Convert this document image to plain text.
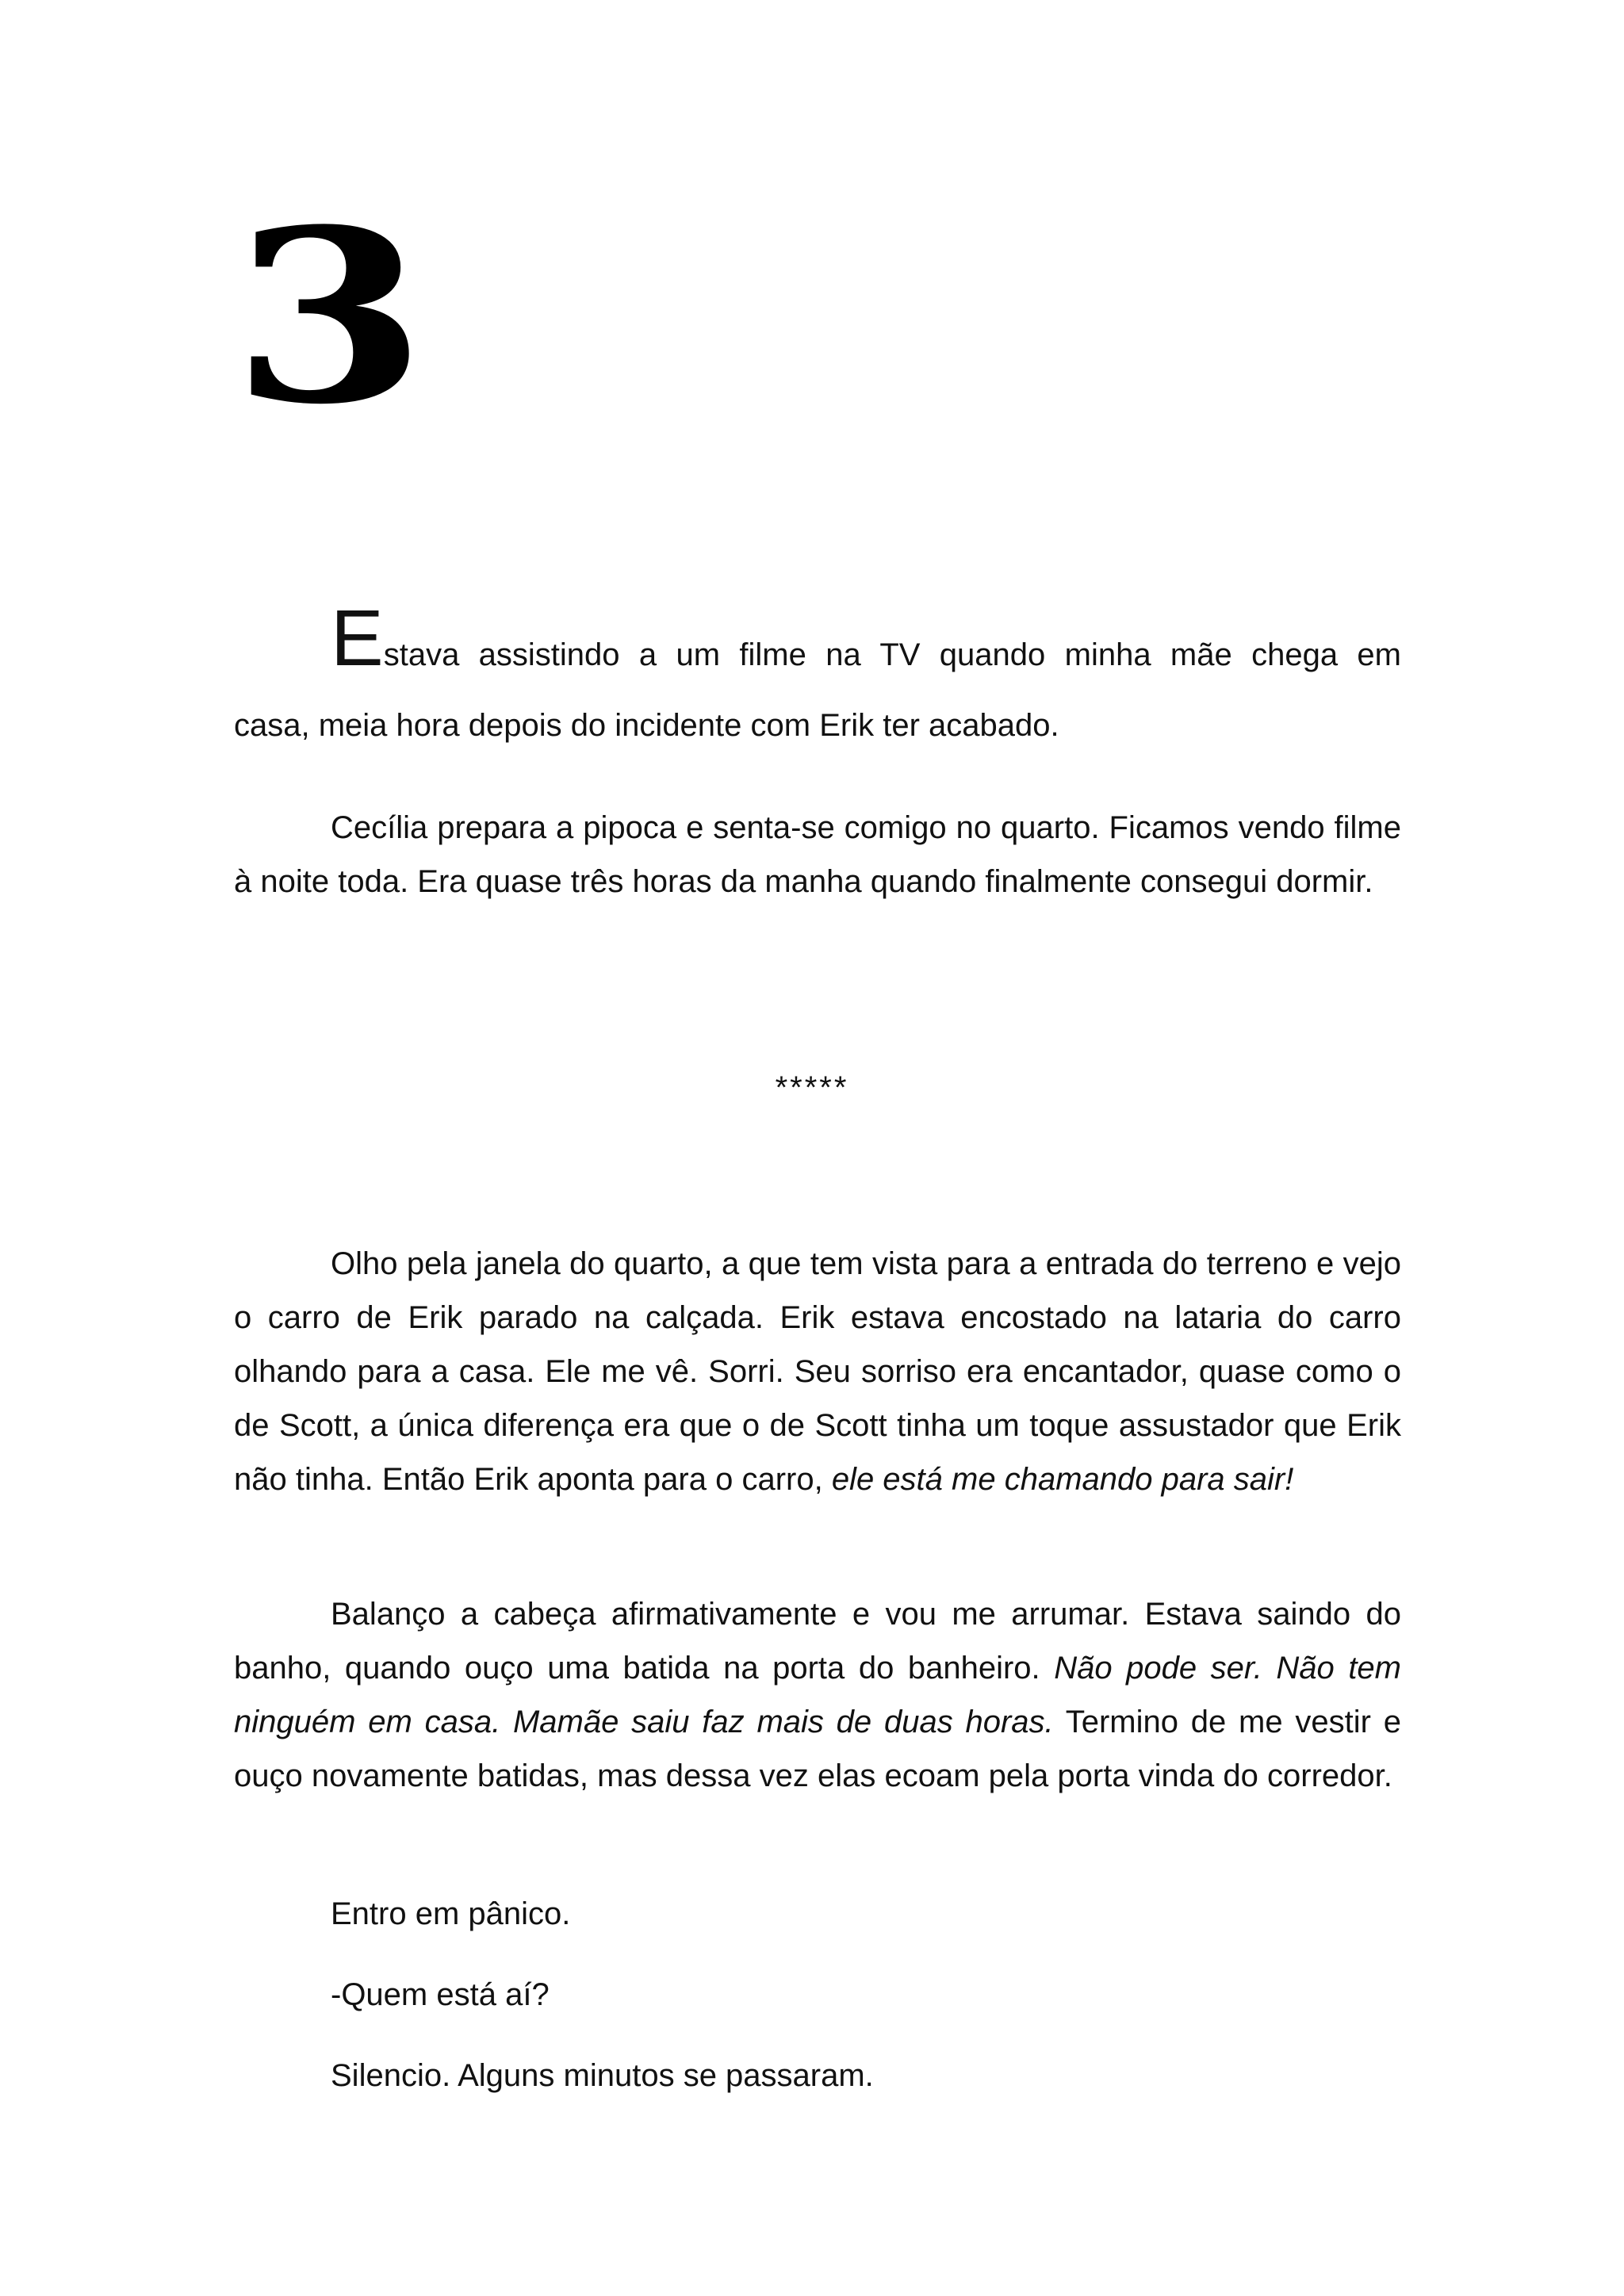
3

Estava assistindo a um filme na TV quando minha mãe chega em

casa, meia hora depois do incidente com Erik ter acabado.

Cecília prepara a pipoca e senta-se comigo no quarto. Ficamos vendo filme à noite toda. Era quase três horas da manha quando finalmente consegui dormir.

*****

Olho pela janela do quarto, a que tem vista para a entrada do terreno e vejo o carro de Erik parado na calçada. Erik estava encostado na lataria do carro olhando para a casa. Ele me vê. Sorri. Seu sorriso era encantador, quase como o de Scott, a única diferença era que o de Scott tinha um toque assustador que Erik não tinha. Então Erik aponta para o carro, ele está me chamando para sair!

Balanço a cabeça afirmativamente e vou me arrumar. Estava saindo do banho, quando ouço uma batida na porta do banheiro. Não pode ser. Não tem ninguém em casa. Mamãe saiu faz mais de duas horas. Termino de me vestir e ouço novamente batidas, mas dessa vez elas ecoam pela porta vinda do corredor.

Entro em pânico.
-Quem está aí?
Silencio. Alguns minutos se passaram.
